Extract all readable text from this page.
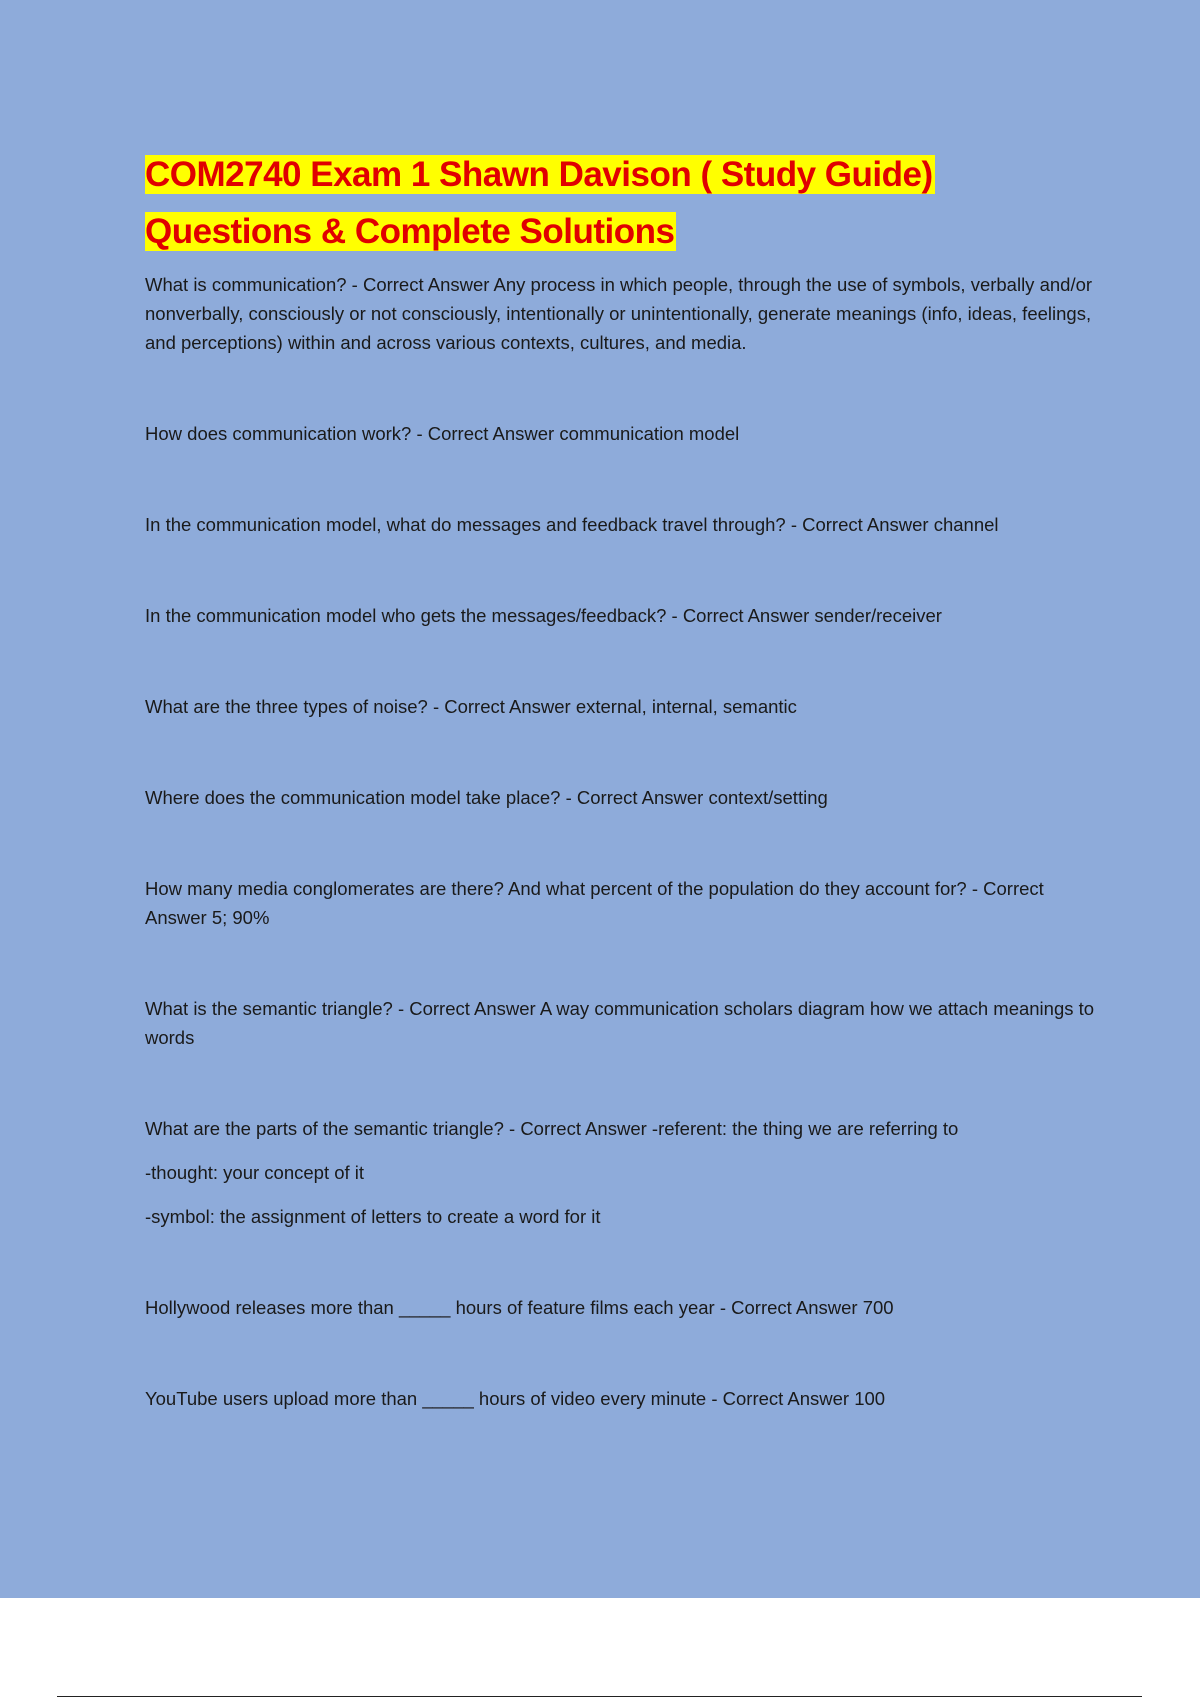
COM2740 Exam 1 Shawn Davison ( Study Guide)
Questions & Complete Solutions

What is communication? - Correct Answer Any process in which people, through the use of symbols, verbally and/or nonverbally, consciously or not consciously, intentionally or unintentionally, generate meanings (info, ideas, feelings, and perceptions) within and across various contexts, cultures, and media.

How does communication work? - Correct Answer communication model

In the communication model, what do messages and feedback travel through? - Correct Answer channel

In the communication model who gets the messages/feedback? - Correct Answer sender/receiver

What are the three types of noise? - Correct Answer external, internal, semantic

Where does the communication model take place? - Correct Answer context/setting

How many media conglomerates are there? And what percent of the population do they account for? - Correct Answer 5; 90%

What is the semantic triangle? - Correct Answer A way communication scholars diagram how we attach meanings to words

What are the parts of the semantic triangle? - Correct Answer -referent: the thing we are referring to
-thought: your concept of it
-symbol: the assignment of letters to create a word for it

Hollywood releases more than _____ hours of feature films each year - Correct Answer 700

YouTube users upload more than _____ hours of video every minute - Correct Answer 100
